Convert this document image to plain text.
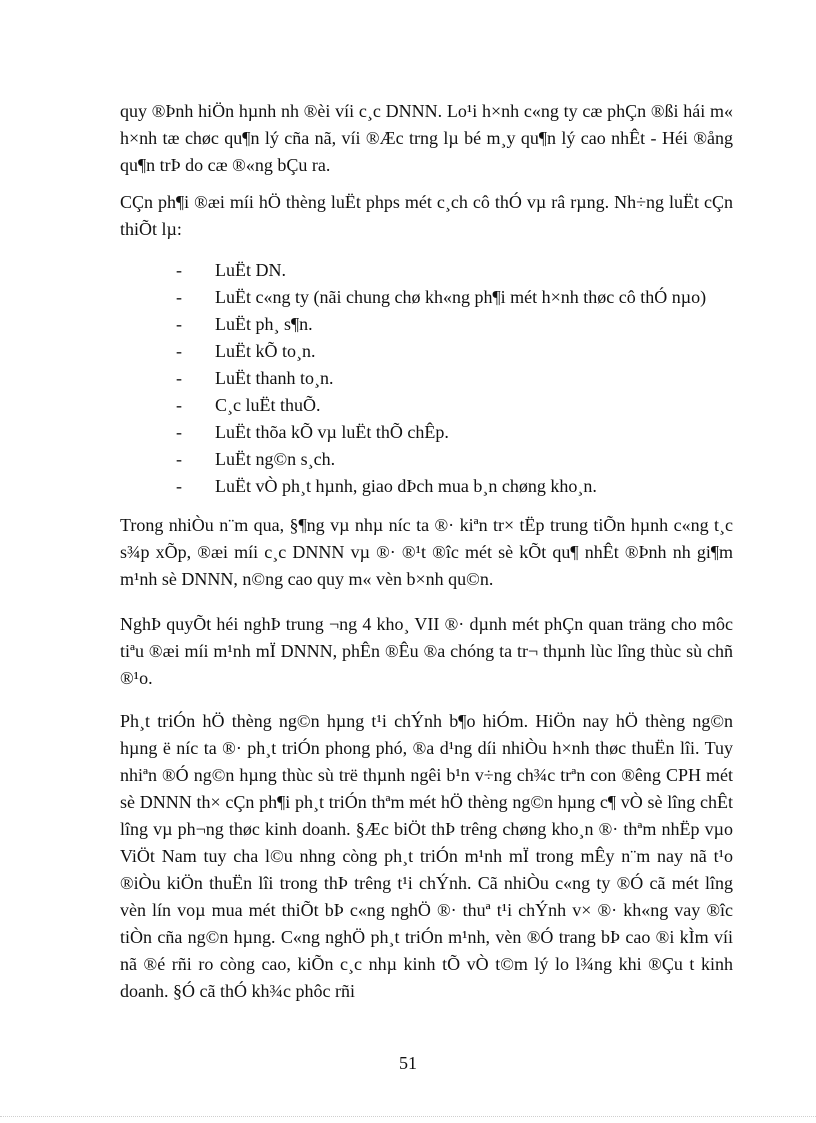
quy ®Þnh hiÖn hµnh nh ®èi víi c¸c DNNN. Lo¹i h×nh c«ng ty cæ phÇn ®ßi hái m« h×nh tæ chøc qu¶n lý cña nã, víi ®Æc trng lµ bé m¸y qu¶n lý cao nhÊt - Héi ®ång qu¶n trÞ do cæ ®«ng bÇu ra.

CÇn ph¶i ®æi míi hÖ thèng luËt phps mét c¸ch cô thÓ vµ râ rµng. Nh÷ng luËt cÇn thiÕt lµ:

- LuËt DN.
- LuËt c«ng ty (nãi chung chø kh«ng ph¶i mét h×nh thøc cô thÓ nµo)
- LuËt ph¸ s¶n.
- LuËt kÕ to¸n.
- LuËt thanh to¸n.
- C¸c luËt thuÕ.
- LuËt thõa kÕ vµ luËt thÕ chÊp.
- LuËt ng©n s¸ch.
- LuËt vÒ ph¸t hµnh, giao dÞch mua b¸n chøng kho¸n.

Trong nhiÒu n¨m qua, §¶ng vµ nhµ níc ta ®· kiªn tr× tËp trung tiÕn hµnh c«ng t¸c s¾p xÕp, ®æi míi c¸c DNNN vµ ®· ®¹t ®îc mét sè kÕt qu¶ nhÊt ®Þnh nh gi¶m m¹nh sè DNNN, n©ng cao quy m« vèn b×nh qu©n.

NghÞ quyÕt héi nghÞ trung ¬ng 4 kho¸ VII ®· dµnh mét phÇn quan träng cho môc tiªu ®æi míi m¹nh mÏ DNNN, phÊn ®Êu ®a chóng ta tr¬ thµnh lùc lîng thùc sù chñ ®¹o.

Ph¸t triÓn hÖ thèng ng©n hµng t¹i chÝnh b¶o hiÓm. HiÖn nay hÖ thèng ng©n hµng ë níc ta ®· ph¸t triÓn phong phó, ®a d¹ng díi nhiÒu h×nh thøc thuËn lîi. Tuy nhiªn ®Ó ng©n hµng thùc sù trë thµnh ngêi b¹n v÷ng ch¾c trªn con ®êng CPH mét sè DNNN th× cÇn ph¶i ph¸t triÓn thªm mét hÖ thèng ng©n hµng c¶ vÒ sè lîng chÊt lîng vµ ph¬ng thøc kinh doanh. §Æc biÖt thÞ trêng chøng kho¸n ®· thªm nhËp vµo ViÖt Nam tuy cha l©u nhng còng ph¸t triÓn m¹nh mÏ trong mÊy n¨m nay nã t¹o ®iÒu kiÖn thuËn lîi trong thÞ trêng t¹i chÝnh. Cã nhiÒu c«ng ty ®Ó cã mét lîng vèn lín voµ mua mét thiÕt bÞ c«ng nghÖ ®· thuª t¹i chÝnh v× ®· kh«ng vay ®îc tiÒn cña ng©n hµng. C«ng nghÖ ph¸t triÓn m¹nh, vèn ®Ó trang bÞ cao ®i kÌm víi nã ®é rñi ro còng cao, kiÕn c¸c nhµ kinh tÕ vÒ t©m lý lo l¾ng khi ®Çu t kinh doanh. §Ó cã thÓ kh¾c phôc rñi

51
